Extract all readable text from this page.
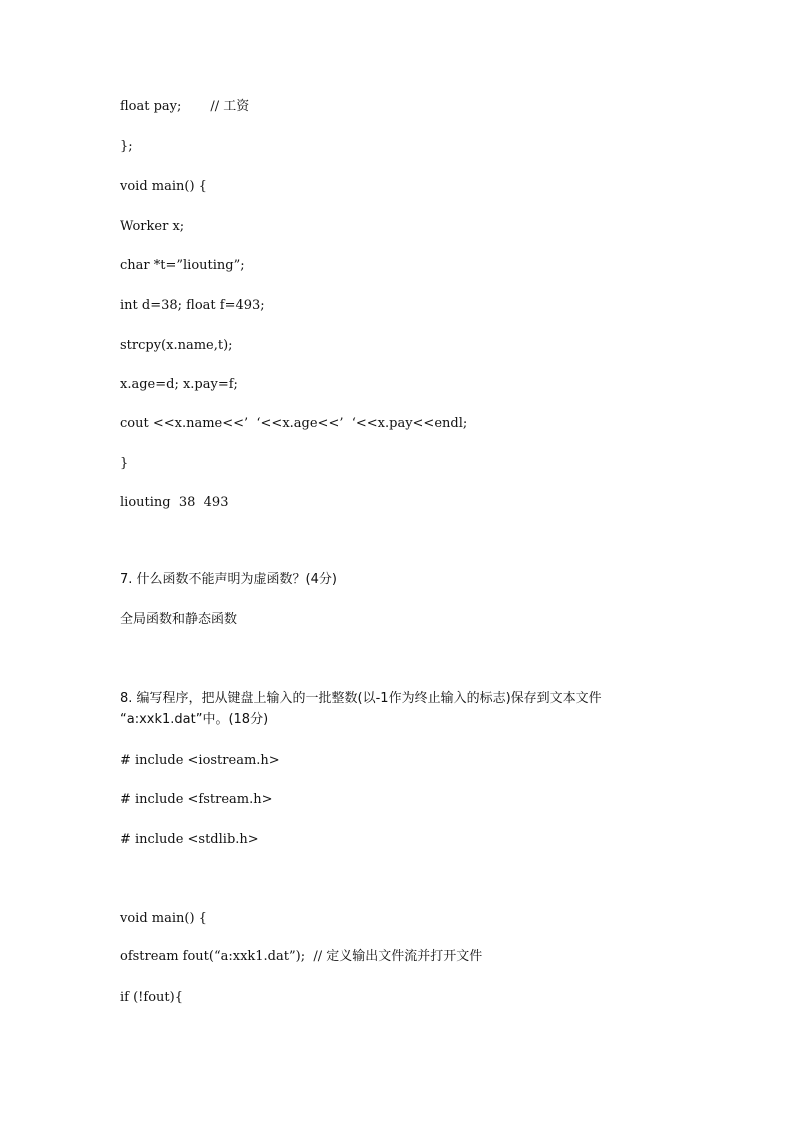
float pay;       // 工资
};
void main() {
Worker x;
char *t=”liouting”;
int d=38; float f=493;
strcpy(x.name,t);
x.age=d; x.pay=f;
cout <<x.name<<’  ‘<<x.age<<’  ‘<<x.pay<<endl;
}
liouting  38  493
7. 什么函数不能声明为虚函数？(4分)
全局函数和静态函数
8. 编写程序，把从键盘上输入的一批整数(以-1作为终止输入的标志)保存到文本文件
“a:xxk1.dat”中。(18分)
# include <iostream.h>
# include <fstream.h>
# include <stdlib.h>
void main() {
ofstream fout(“a:xxk1.dat”);  // 定义输出文件流并打开文件
if (!fout){
